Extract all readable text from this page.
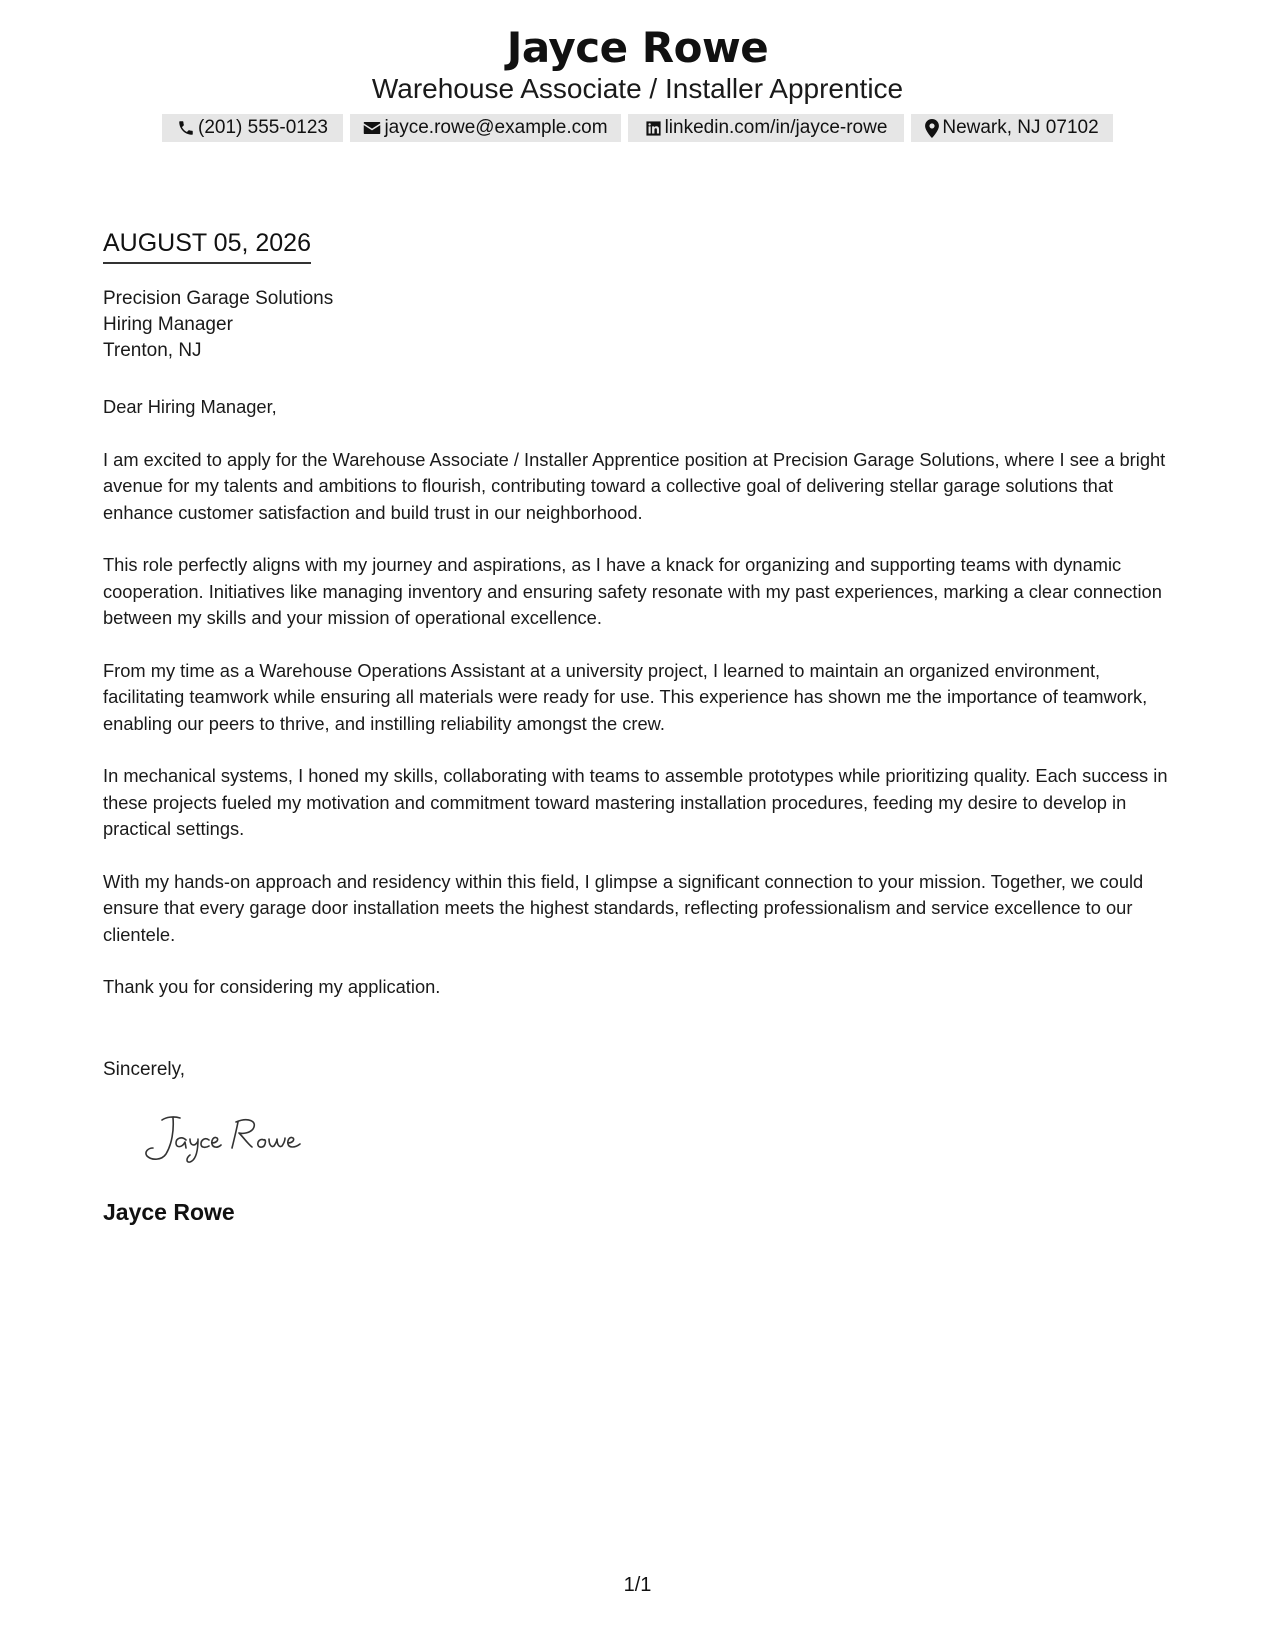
Jayce Rowe
Warehouse Associate / Installer Apprentice
(201) 555-0123	jayce.rowe@example.com	linkedin.com/in/jayce-rowe	Newark, NJ 07102
AUGUST 05, 2026
Precision Garage Solutions
Hiring Manager
Trenton, NJ

Dear Hiring Manager,

I am excited to apply for the Warehouse Associate / Installer Apprentice position at Precision Garage Solutions, where I see a bright avenue for my talents and ambitions to flourish, contributing toward a collective goal of delivering stellar garage solutions that enhance customer satisfaction and build trust in our neighborhood.

This role perfectly aligns with my journey and aspirations, as I have a knack for organizing and supporting teams with dynamic cooperation. Initiatives like managing inventory and ensuring safety resonate with my past experiences, marking a clear connection between my skills and your mission of operational excellence.

From my time as a Warehouse Operations Assistant at a university project, I learned to maintain an organized environment, facilitating teamwork while ensuring all materials were ready for use. This experience has shown me the importance of teamwork, enabling our peers to thrive, and instilling reliability amongst the crew.

In mechanical systems, I honed my skills, collaborating with teams to assemble prototypes while prioritizing quality. Each success in these projects fueled my motivation and commitment toward mastering installation procedures, feeding my desire to develop in practical settings.

With my hands-on approach and residency within this field, I glimpse a significant connection to your mission. Together, we could ensure that every garage door installation meets the highest standards, reflecting professionalism and service excellence to our clientele.

Thank you for considering my application.

Sincerely,
Jayce Rowe
1/1
